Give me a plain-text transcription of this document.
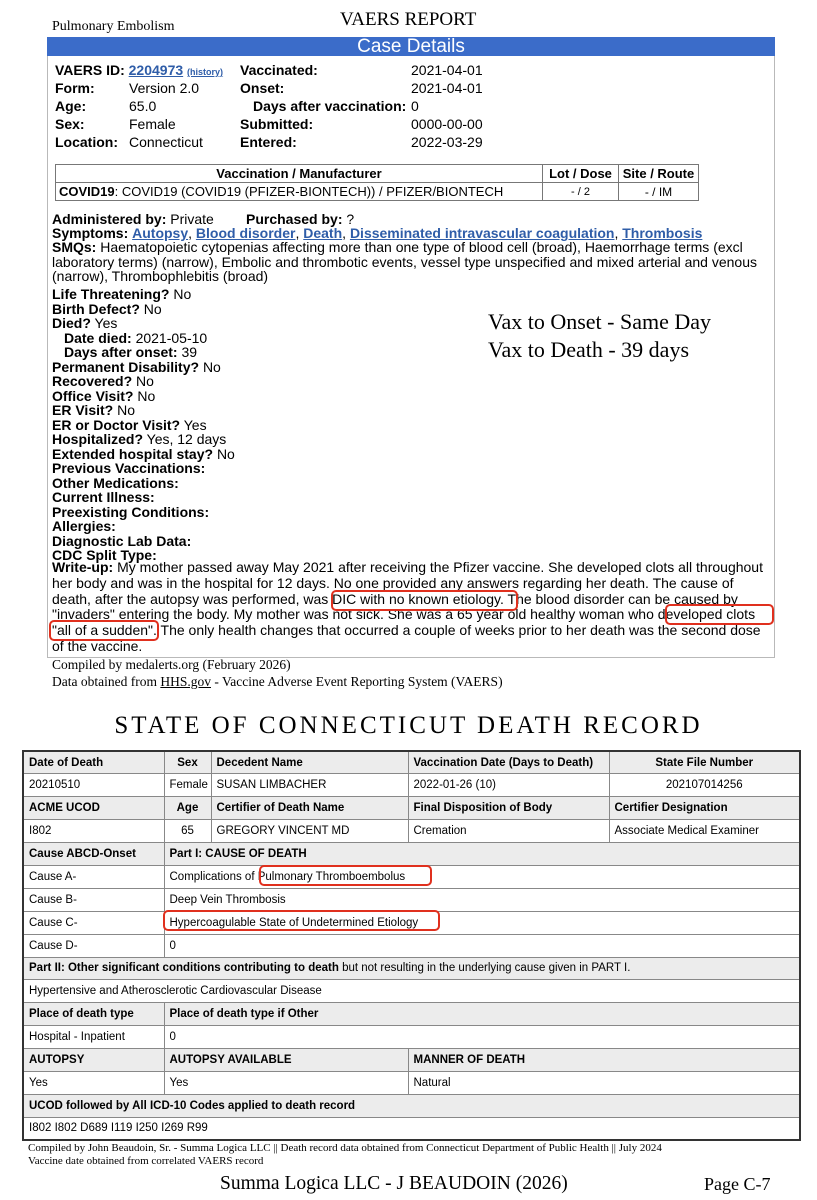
Pulmonary Embolism	VAERS REPORT
Case Details
VAERS ID: 2204973 (history)
Form: Version 2.0
Age:	65.0
Sex:	Female
Location: Connecticut
Vaccinated:	2021-04-01
Onset:	2021-04-01
Days after vaccination: 0
Submitted:	0000-00-00
Entered:	2022-03-29
Vaccination / Manufacturer	Lot / Dose	Site / Route
COVID19: COVID19 (COVID19 (PFIZER-BIONTECH)) / PFIZER/BIONTECH	- / 2	- / IM
Administered by: Private Purchased by: ?
Symptoms: Autopsy, Blood disorder, Death, Disseminated intravascular coagulation, Thrombosis
SMQs: Haematopoietic cytopenias affecting more than one type of blood cell (broad), Haemorrhage terms (excl laboratory terms) (narrow), Embolic and thrombotic events, vessel type unspecified and mixed arterial and venous (narrow), Thrombophlebitis (broad)
Life Threatening? No
Birth Defect? No
Died? Yes
Date died: 2021-05-10
Days after onset: 39
Permanent Disability? No
Recovered? No
Office Visit? No
ER Visit? No
ER or Doctor Visit? Yes
Hospitalized? Yes, 12 days
Extended hospital stay? No
Previous Vaccinations:
Other Medications:
Current Illness:
Preexisting Conditions:
Allergies:
Diagnostic Lab Data:
CDC Split Type:
Write-up: My mother passed away May 2021 after receiving the Pfizer vaccine. She developed clots all throughout her body and was in the hospital for 12 days. No one provided any answers regarding her death. The cause of death, after the autopsy was performed, was DIC with no known etiology. The blood disorder can be caused by "invaders" entering the body. My mother was not sick. She was a 65 year old healthy woman who developed clots "all of a sudden". The only health changes that occurred a couple of weeks prior to her death was the second dose of the vaccine.
Vax to Onset - Same Day
Vax to Death - 39 days
Compiled by medalerts.org (February 2026)
Data obtained from HHS.gov - Vaccine Adverse Event Reporting System (VAERS)
STATE OF CONNECTICUT DEATH RECORD
Date of Death	Sex	Decedent Name	Vaccination Date (Days to Death)	State File Number
20210510	Female	SUSAN LIMBACHER	2022-01-26 (10)	202107014256
ACME UCOD	Age	Certifier of Death Name	Final Disposition of Body	Certifier Designation
I802	65	GREGORY VINCENT MD	Cremation	Associate Medical Examiner
Cause ABCD-Onset	Part I: CAUSE OF DEATH			
Cause A-	Complications of Pulmonary Thromboembolus			
Cause B-	Deep Vein Thrombosis			
Cause C-	Hypercoagulable State of Undetermined Etiology			
Cause D-	0			
Part II: Other significant conditions contributing to death but not resulting in the underlying cause given in PART I.				
Hypertensive and Atherosclerotic Cardiovascular Disease				
Place of death type	Place of death type if Other			
Hospital - Inpatient	0			
AUTOPSY	AUTOPSY AVAILABLE		MANNER OF DEATH	
Yes	Yes		Natural	
UCOD followed by All ICD-10 Codes applied to death record				
I802 I802 D689 I119 I250 I269 R99				
Compiled by John Beaudoin, Sr. - Summa Logica LLC || Death record data obtained from Connecticut Department of Public Health || July 2024
Vaccine date obtained from correlated VAERS record
Summa Logica LLC - J BEAUDOIN (2026)	Page C-7
